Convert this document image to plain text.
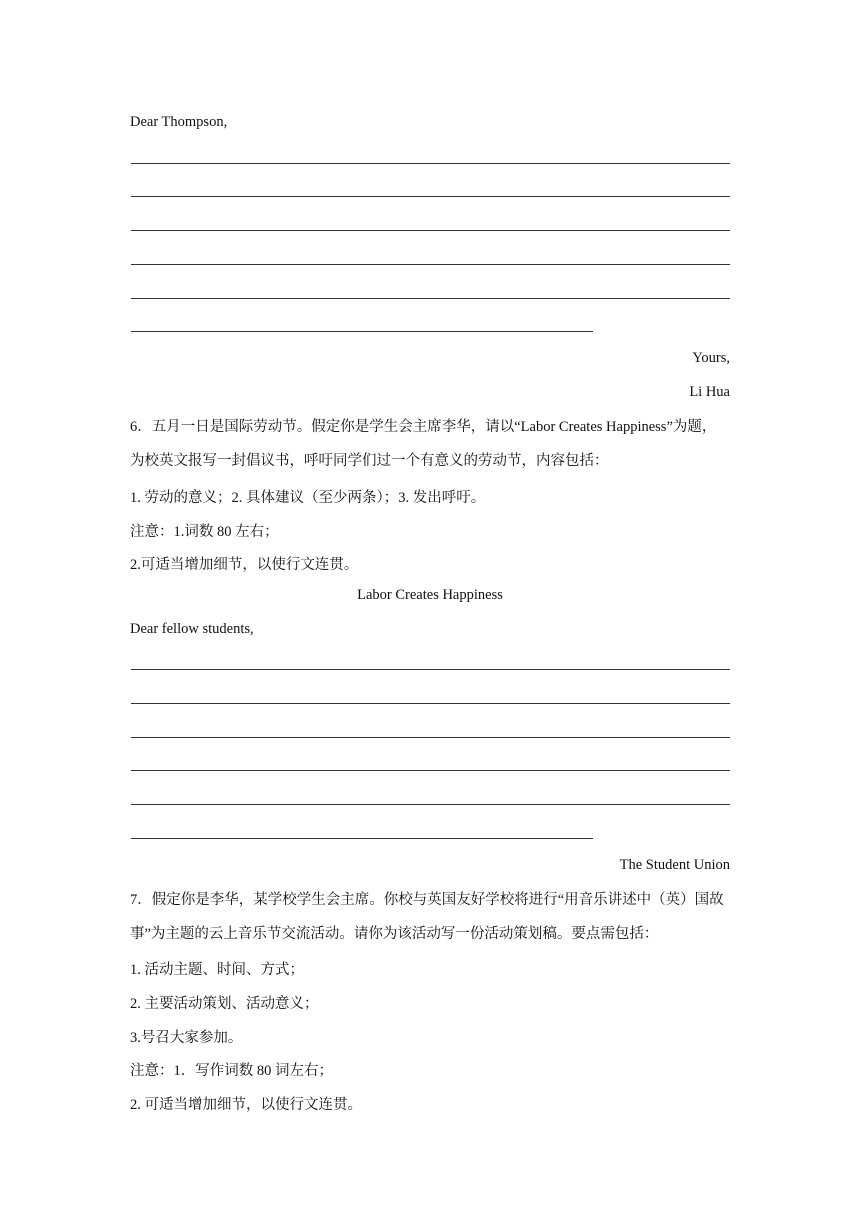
Dear Thompson,
Yours,
Li Hua
6．五月一日是国际劳动节。假定你是学生会主席李华，请以“Labor Creates Happiness”为题，为校英文报写一封倡议书，呼吁同学们过一个有意义的劳动节，内容包括：
1. 劳动的意义；2. 具体建议（至少两条）；3. 发出呼吁。
注意：1.词数 80 左右；
2.可适当增加细节，以使行文连贯。
Labor Creates Happiness
Dear fellow students,
The Student Union
7．假定你是李华，某学校学生会主席。你校与英国友好学校将进行“用音乐讲述中（英）国故事”为主题的云上音乐节交流活动。请你为该活动写一份活动策划稿。要点需包括：
1. 活动主题、时间、方式；
2. 主要活动策划、活动意义；
3.号召大家参加。
注意：1．写作词数 80 词左右；
2. 可适当增加细节，以使行文连贯。
